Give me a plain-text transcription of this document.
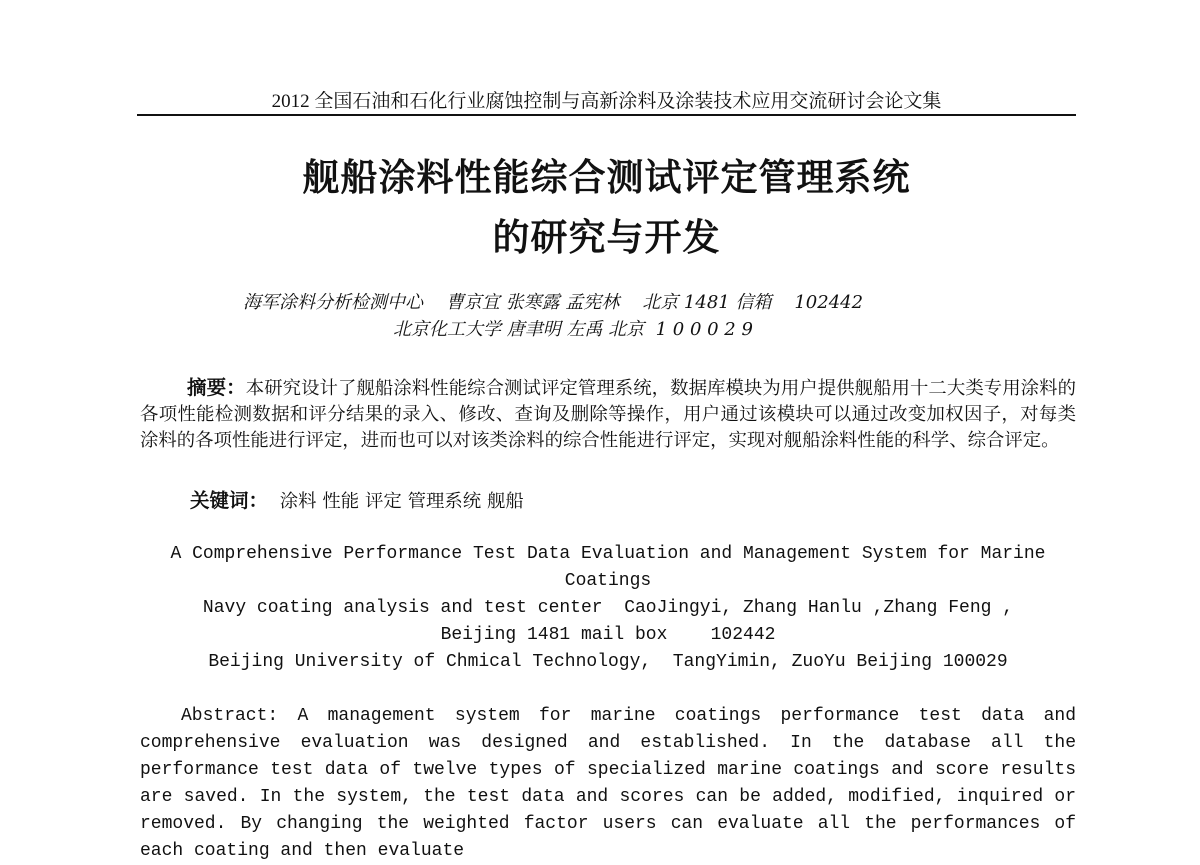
2012 全国石油和石化行业腐蚀控制与高新涂料及涂装技术应用交流研讨会论文集
舰船涂料性能综合测试评定管理系统
的研究与开发
海军涂料分析检测中心    曹京宜 张寒露 孟宪林    北京 1481 信箱    102442
北京化工大学 唐聿明 左禹 北京  1 0 0 0 2 9
摘要：本研究设计了舰船涂料性能综合测试评定管理系统，数据库模块为用户提供舰船用十二大类专用涂料的各项性能检测数据和评分结果的录入、修改、查询及删除等操作，用户通过该模块可以通过改变加权因子，对每类涂料的各项性能进行评定，进而也可以对该类涂料的综合性能进行评定，实现对舰船涂料性能的科学、综合评定。
关键词：  涂料 性能 评定 管理系统 舰船
A Comprehensive Performance Test Data Evaluation and Management System for Marine
Coatings
Navy coating analysis and test center  CaoJingyi, Zhang Hanlu ,Zhang Feng ,
Beijing 1481 mail box    102442
Beijing University of Chmical Technology,  TangYimin, ZuoYu Beijing 100029
Abstract: A management system for marine coatings performance test data and comprehensive evaluation was designed and established. In the database all the performance test data of twelve types of specialized marine coatings and score results are saved. In the system, the test data and scores can be added, modified, inquired or removed. By changing the weighted factor users can evaluate all the performances of each coating and then evaluate
